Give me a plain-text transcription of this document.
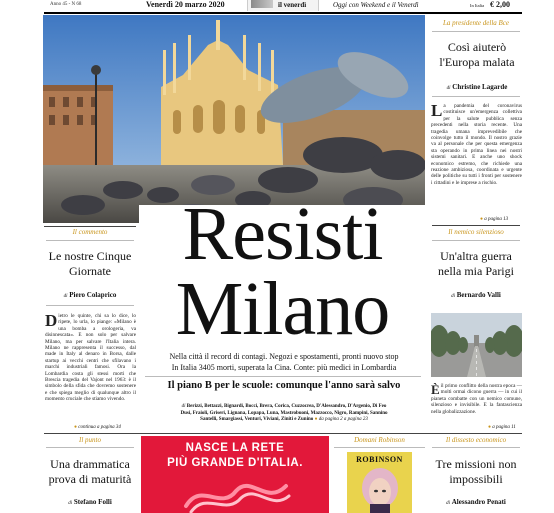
Anno 45 - N 68	Venerdì 20 marzo 2020	il venerdì	Oggi con Weekend e il Venerdì	In Italia € 2,00
La presidente della Bce
Così aiuterò l'Europa malata
di Christine Lagarde
La pandemia del coronavirus costituisce un'emergenza collettiva per la salute pubblica senza precedenti nella storia recente. Una tragedia umana imprevedibile che coinvolge tutto il mondo. Il nostro grazie va al personale che per questa emergenza sta operando in prima linea nei nostri sistemi sanitari. E anche uno shock economico estremo, che richiede una reazione ambiziosa, coordinata e urgente delle politiche su tutti i fronti per sostenere i cittadini e le imprese a rischio.
● a pagina 13
Il commento
Le nostre Cinque Giornate
di Piero Colaprico
Dietro le quinte, chi sa lo dice, lo ripete, lo urla, lo piange: «Milano è una bomba a orologeria, va disinnescata». E non solo per salvare Milano, ma per salvare l'Italia intera. Milano ne rappresenta il successo, dal made in Italy al denaro in Borsa, dalle startup ai vecchi centri che sfilavano i marchi industriali famosi. Ora la Lombardia costa gli stessi morti che Brescia tragedia del Vajont nel 1963: è il simbolo della sfida che dovremo sostenere e che spiega meglio di qualunque altro il momento cruciale che stiamo vivendo.
● continua a pagina 34
Resisti
Milano
Nella città il record di contagi. Negozi e spostamenti, pronti nuovo stop
In Italia 3405 morti, superata la Cina. Conte: più medici in Lombardia
Il piano B per le scuole: comunque l'anno sarà salvo
di Berizzi, Bettazzi, Bignardi, Bocci, Brera, Corica, Cuzzocrea, D'Alessandro, D'Argenio, Di Feo
Dusi, Fraioli, Griseri, Lignana, Lopapa, Luna, Mastrobuoni, Mazzocco, Nigro, Rampini, Sannino
Santelli, Smargiassi, Venturi, Viviani, Ziniti e Zunino ● da pagina 2 a pagina 23
Il nemico silenzioso
Un'altra guerra nella mia Parigi
di Bernardo Valli
Èil primo conflitto della nostra epoca — molti ormai dicono guerra — in cui il pianeta combatte con un nemico comune, silenzioso e invisibile. E la fantascienza nella globalizzazione.
● a pagina 11
Il punto
Una drammatica prova di maturità
di Stefano Folli
NASCE LA RETE
PIÙ GRANDE D'ITALIA.
Domani Robinson
ROBINSON
Il dissesto economico
Tre missioni non impossibili
di Alessandro Penati
